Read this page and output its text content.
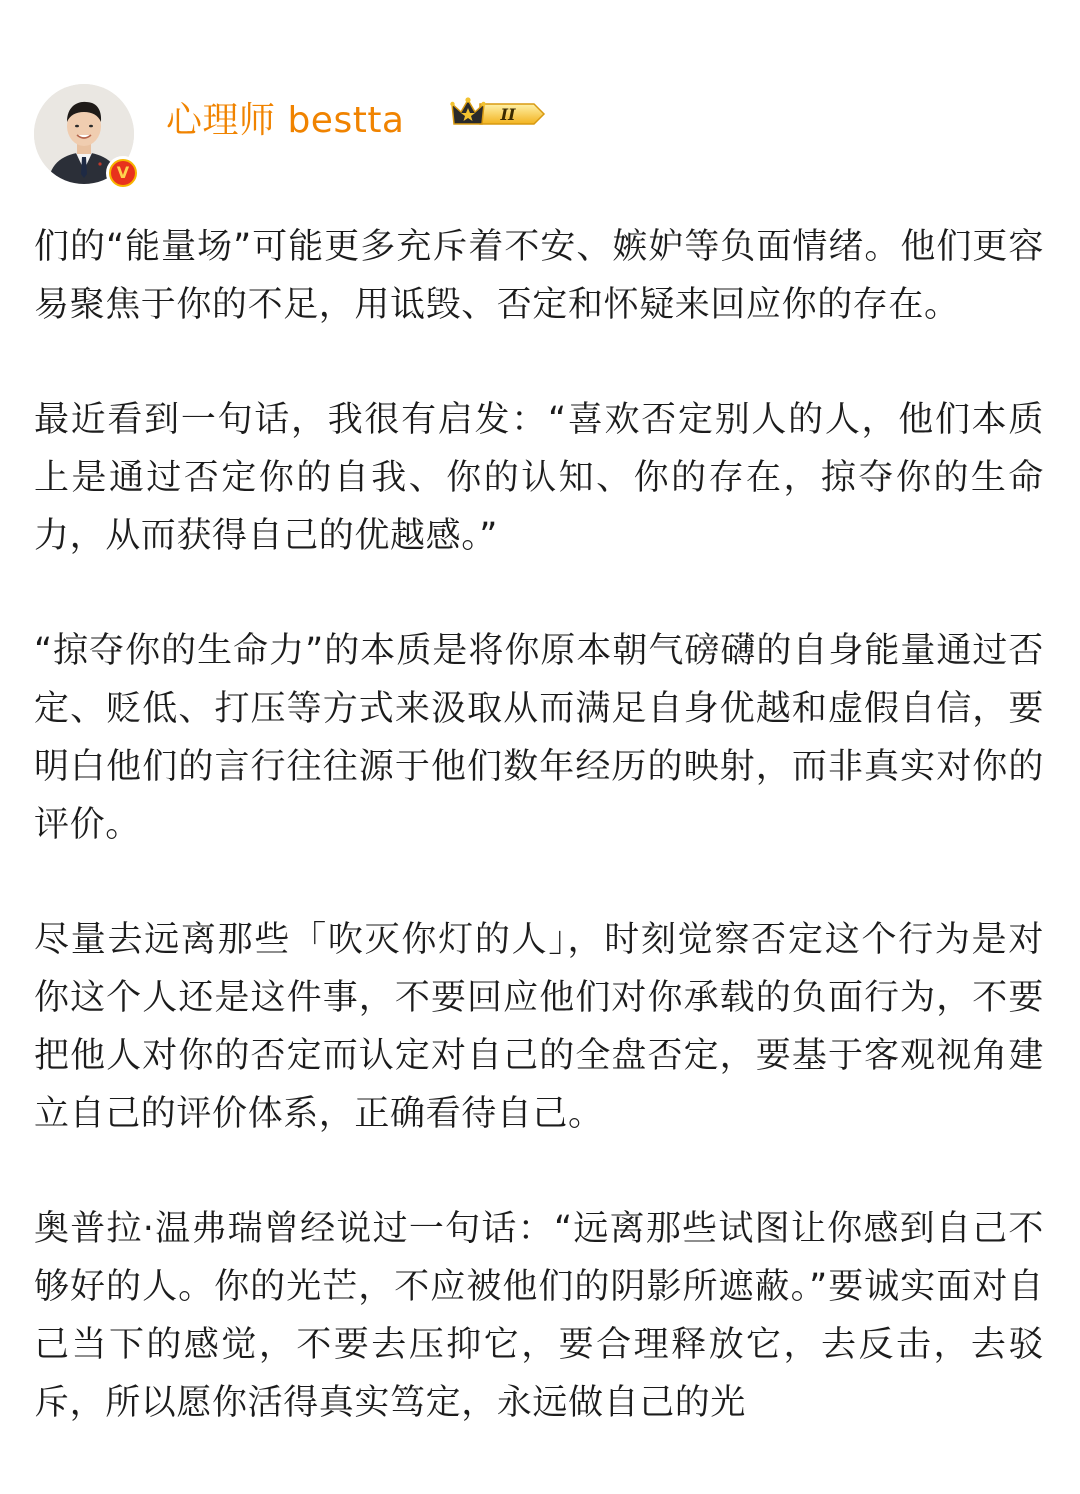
V
心理师 bestta	II

们的“能量场”可能更多充斥着不安、嫉妒等负面情绪。他们更容易聚焦于你的不足，用诋毁、否定和怀疑来回应你的存在。

最近看到一句话，我很有启发：“喜欢否定别人的人，他们本质上是通过否定你的自我、你的认知、你的存在，掠夺你的生命力，从而获得自己的优越感。”

“掠夺你的生命力”的本质是将你原本朝气磅礴的自身能量通过否定、贬低、打压等方式来汲取从而满足自身优越和虚假自信，要明白他们的言行往往源于他们数年经历的映射，而非真实对你的评价。

尽量去远离那些「吹灭你灯的人」，时刻觉察否定这个行为是对你这个人还是这件事，不要回应他们对你承载的负面行为，不要把他人对你的否定而认定对自己的全盘否定，要基于客观视角建立自己的评价体系，正确看待自己。

奥普拉·温弗瑞曾经说过一句话：“远离那些试图让你感到自己不够好的人。你的光芒，不应被他们的阴影所遮蔽。”要诚实面对自己当下的感觉，不要去压抑它，要合理释放它，去反击，去驳斥，所以愿你活得真实笃定，永远做自己的光
